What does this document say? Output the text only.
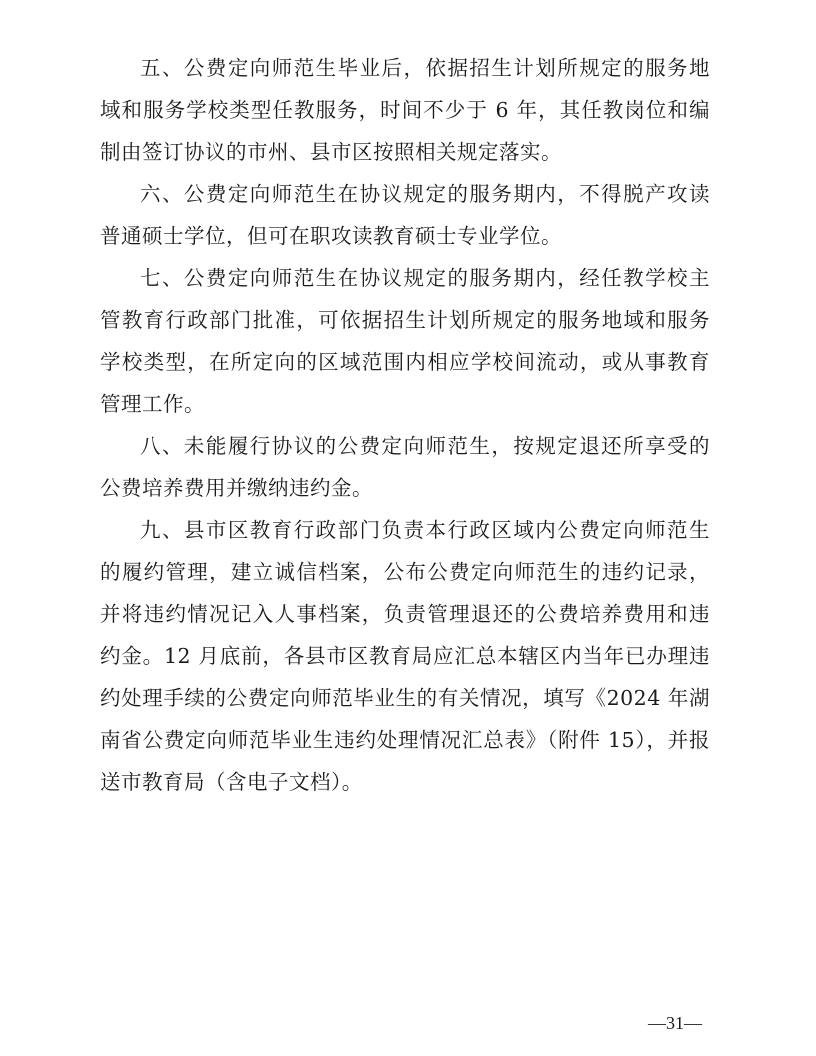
五、公费定向师范生毕业后，依据招生计划所规定的服务地
域和服务学校类型任教服务，时间不少于 6 年，其任教岗位和编
制由签订协议的市州、县市区按照相关规定落实。
六、公费定向师范生在协议规定的服务期内，不得脱产攻读
普通硕士学位，但可在职攻读教育硕士专业学位。
七、公费定向师范生在协议规定的服务期内，经任教学校主
管教育行政部门批准，可依据招生计划所规定的服务地域和服务
学校类型，在所定向的区域范围内相应学校间流动，或从事教育
管理工作。
八、未能履行协议的公费定向师范生，按规定退还所享受的
公费培养费用并缴纳违约金。
九、县市区教育行政部门负责本行政区域内公费定向师范生
的履约管理，建立诚信档案，公布公费定向师范生的违约记录，
并将违约情况记入人事档案，负责管理退还的公费培养费用和违
约金。12 月底前，各县市区教育局应汇总本辖区内当年已办理违
约处理手续的公费定向师范毕业生的有关情况，填写《2024 年湖
南省公费定向师范毕业生违约处理情况汇总表》（附件 15），并报
送市教育局（含电子文档）。
—31—
